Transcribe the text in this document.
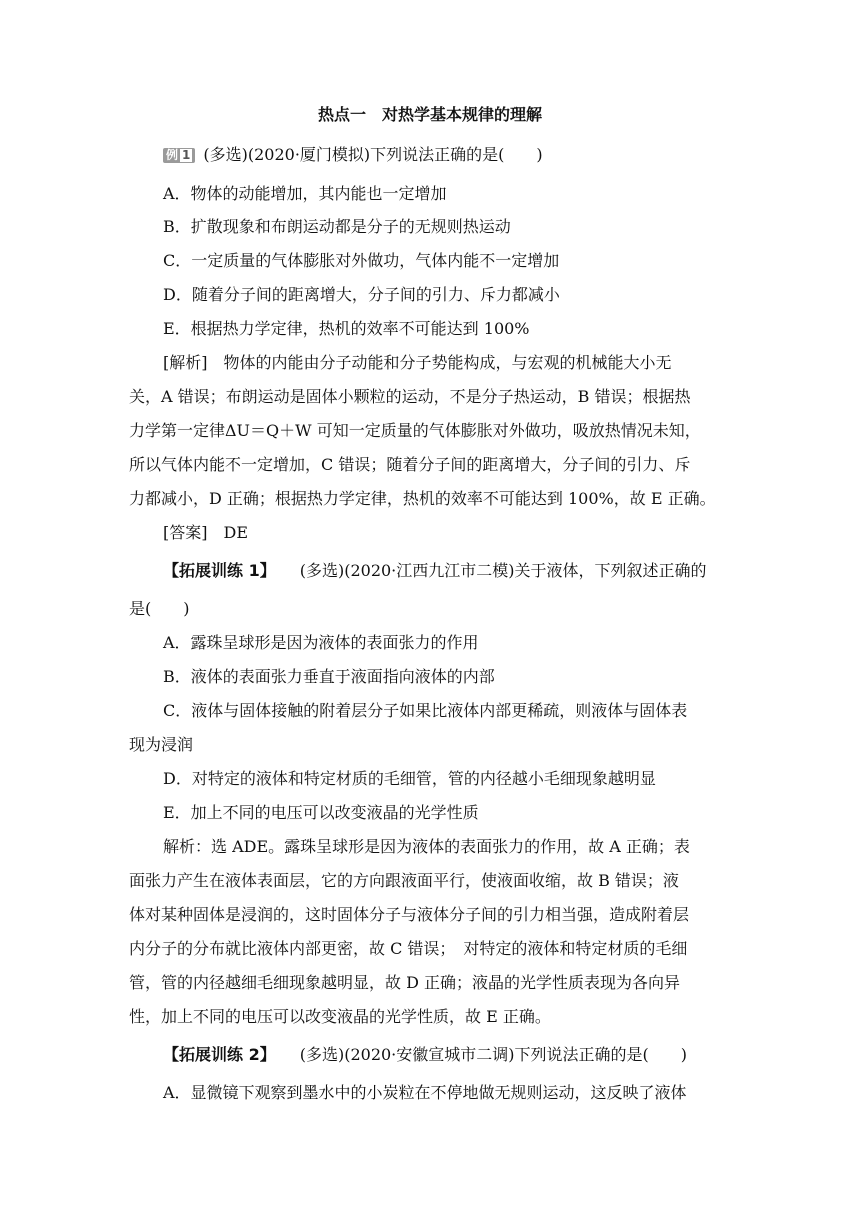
热点一　对热学基本规律的理解
例 1 (多选)(2020·厦门模拟)下列说法正确的是(　　)
A．物体的动能增加，其内能也一定增加
B．扩散现象和布朗运动都是分子的无规则热运动
C．一定质量的气体膨胀对外做功，气体内能不一定增加
D．随着分子间的距离增大，分子间的引力、斥力都减小
E．根据热力学定律，热机的效率不可能达到 100%
[解析]　 物体的内能由分子动能和分子势能构成，与宏观的机械能大小无
关，A 错误；布朗运动是固体小颗粒的运动，不是分子热运动，B 错误；根据热
力学第一定律ΔU＝Q＋W 可知一定质量的气体膨胀对外做功，吸放热情况未知，
所以气体内能不一定增加，C 错误；随着分子间的距离增大，分子间的引力、斥
力都减小，D 正确；根据热力学定律，热机的效率不可能达到 100%，故 E 正确。
[答案]　 DE
【拓展训练 1】　　 (多选)(2020·江西九江市二模)关于液体，下列叙述正确的
是(　　)
A．露珠呈球形是因为液体的表面张力的作用
B．液体的表面张力垂直于液面指向液体的内部
C．液体与固体接触的附着层分子如果比液体内部更稀疏，则液体与固体表
现为浸润
D．对特定的液体和特定材质的毛细管，管的内径越小毛细现象越明显
E．加上不同的电压可以改变液晶的光学性质
解析：选 ADE。露珠呈球形是因为液体的表面张力的作用，故 A 正确；表
面张力产生在液体表面层，它的方向跟液面平行，使液面收缩，故 B 错误；液
体对某种固体是浸润的，这时固体分子与液体分子间的引力相当强，造成附着层
内分子的分布就比液体内部更密，故 C 错误；　对特定的液体和特定材质的毛细
管，管的内径越细毛细现象越明显，故 D 正确；液晶的光学性质表现为各向异
性，加上不同的电压可以改变液晶的光学性质，故 E 正确。
【拓展训练 2】　　 (多选)(2020·安徽宣城市二调)下列说法正确的是(　　)
A．显微镜下观察到墨水中的小炭粒在不停地做无规则运动，这反映了液体
